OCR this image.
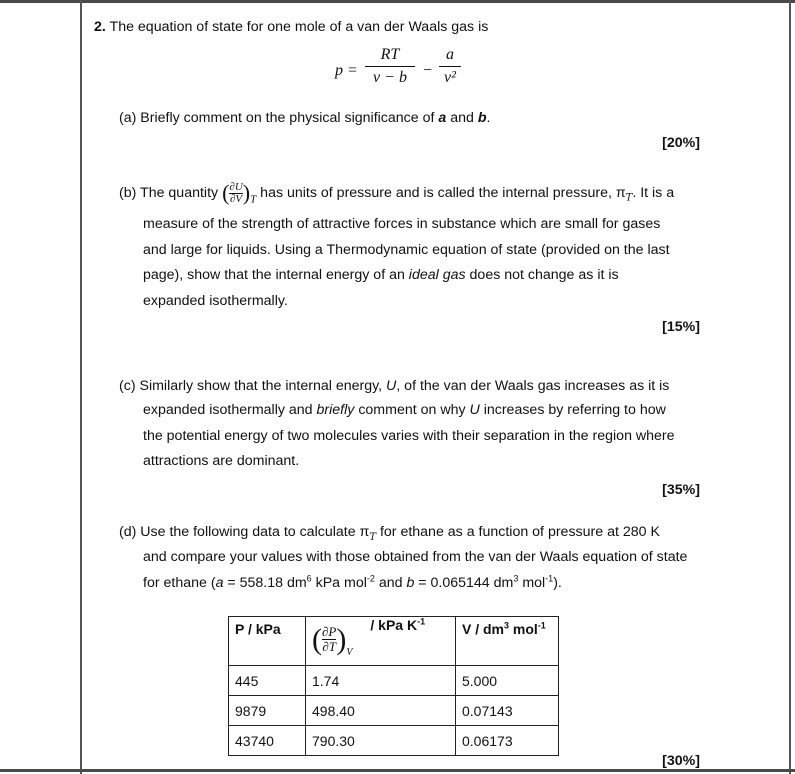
2. The equation of state for one mole of a van der Waals gas is
p =
RT
v − b	−
a
v²
(a) Briefly comment on the physical significance of a and b.
[20%]
(b) The quantity $(\frac{\partial U}{\partial V})T$ has units of pressure and is called the internal pressure, $\pi_T$. It is a
measure of the strength of attractive forces in substance which are small for gases
and large for liquids. Using a Thermodynamic equation of state (provided on the last
page), show that the internal energy of an ideal gas does not change as it is
expanded isothermally.
[15%]
(c) Similarly show that the internal energy, U, of the van der Waals gas increases as it is
expanded isothermally and briefly comment on why U increases by referring to how
the potential energy of two molecules varies with their separation in the region where
attractions are dominant.
[35%]
(d) Use the following data to calculate $\pi_T$ for ethane as a function of pressure at 280 K
and compare your values with those obtained from the van der Waals equation of state
for ethane (a = 558.18 $dm^6$ kPa mol$^{-2}$ and b = 0.065144 $dm^3$ mol$^{-1}$).
P / kPa	$(\frac{\partial P}{\partial T})_V$ / kPa $K^{-1}$	V / $dm^3$ mol$^{-1}$
445	1.74	5.000
9879	498.40	0.07143
43740	790.30	0.06173
[30%]
